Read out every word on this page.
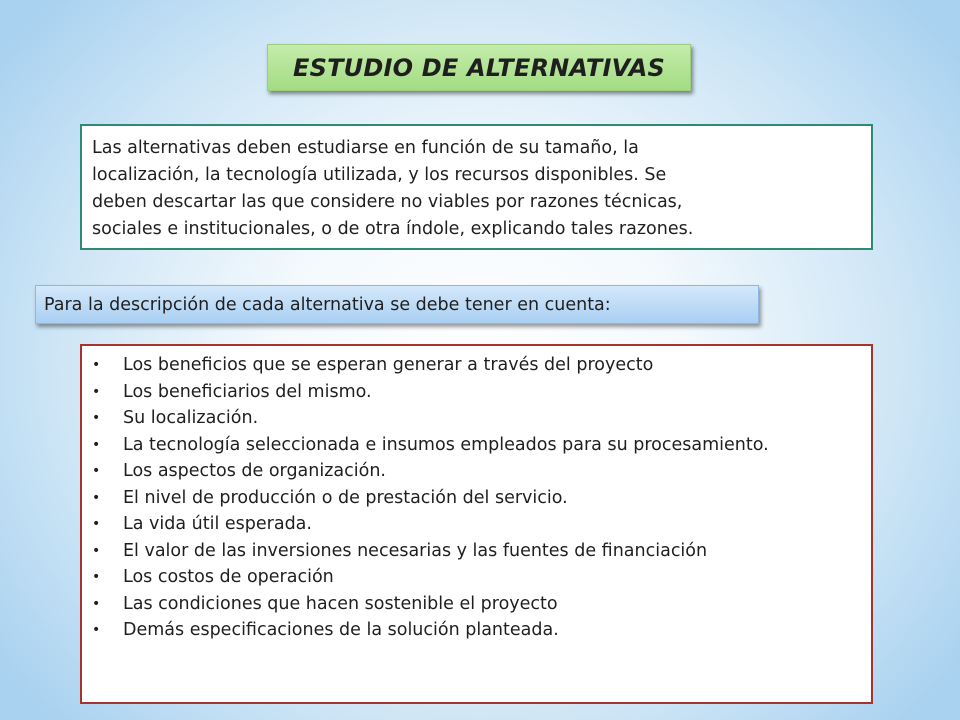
ESTUDIO DE ALTERNATIVAS

Las alternativas deben estudiarse en función de su tamaño, la
localización, la tecnología utilizada, y los recursos disponibles. Se
deben descartar las que considere no viables por razones técnicas,
sociales e institucionales, o de otra índole, explicando tales razones.

Para la descripción de cada alternativa se debe tener en cuenta:
•	Los beneficios que se esperan generar a través del proyecto
•	Los beneficiarios del mismo.
•	Su localización.
•	La tecnología seleccionada e insumos empleados para su procesamiento.
•	Los aspectos de organización.
•	El nivel de producción o de prestación del servicio.
•	La vida útil esperada.
•	El valor de las inversiones necesarias y las fuentes de financiación
•	Los costos de operación
•	Las condiciones que hacen sostenible el proyecto
•	Demás especificaciones de la solución planteada.
